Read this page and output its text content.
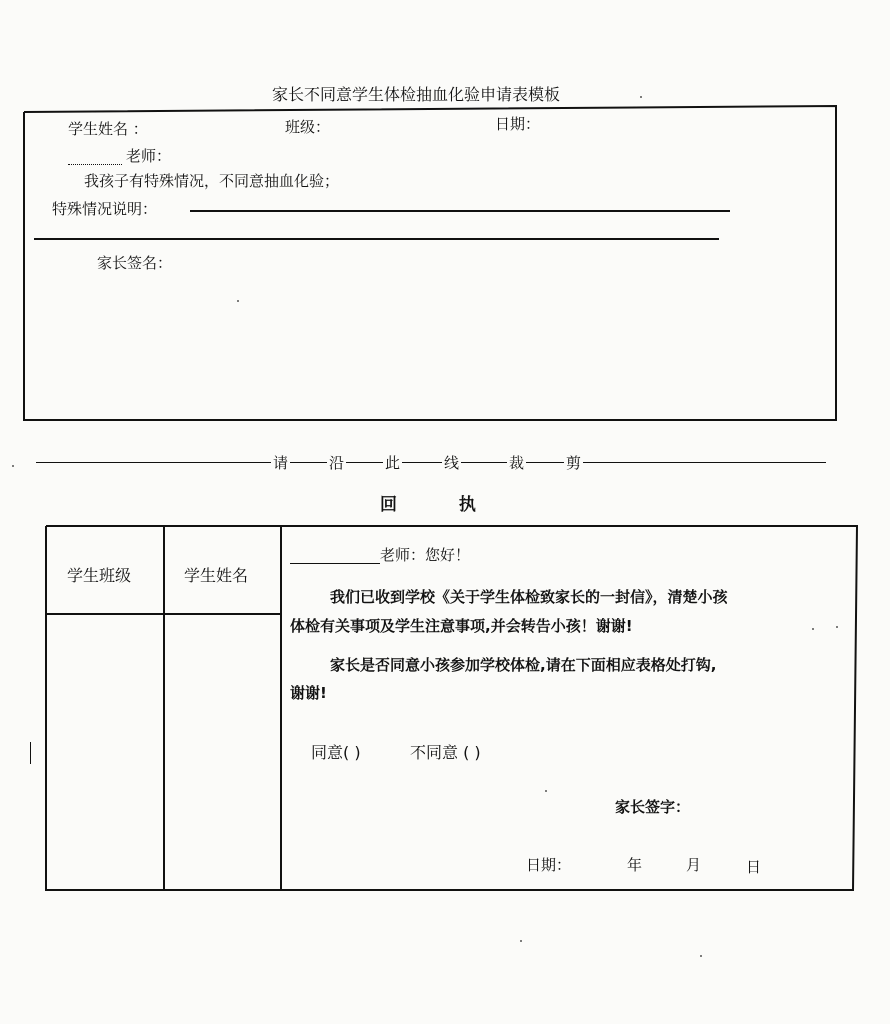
家长不同意学生体检抽血化验申请表模板
学生姓名 ：	班级：	日期：
老师：
我孩子有特殊情况，不同意抽血化验；
特殊情况说明：
家长签名：
请	沿	此	线	裁	剪
回 执
学生班级	学生姓名
老师：您好！
我们已收到学校《关于学生体检致家长的一封信》，清楚小孩
体检有关事项及学生注意事项,并会转告小孩！谢谢!
家长是否同意小孩参加学校体检,请在下面相应表格处打钩,
谢谢!
同意( )	不同意 ( )
家长签字：
日期：	年	月	日
